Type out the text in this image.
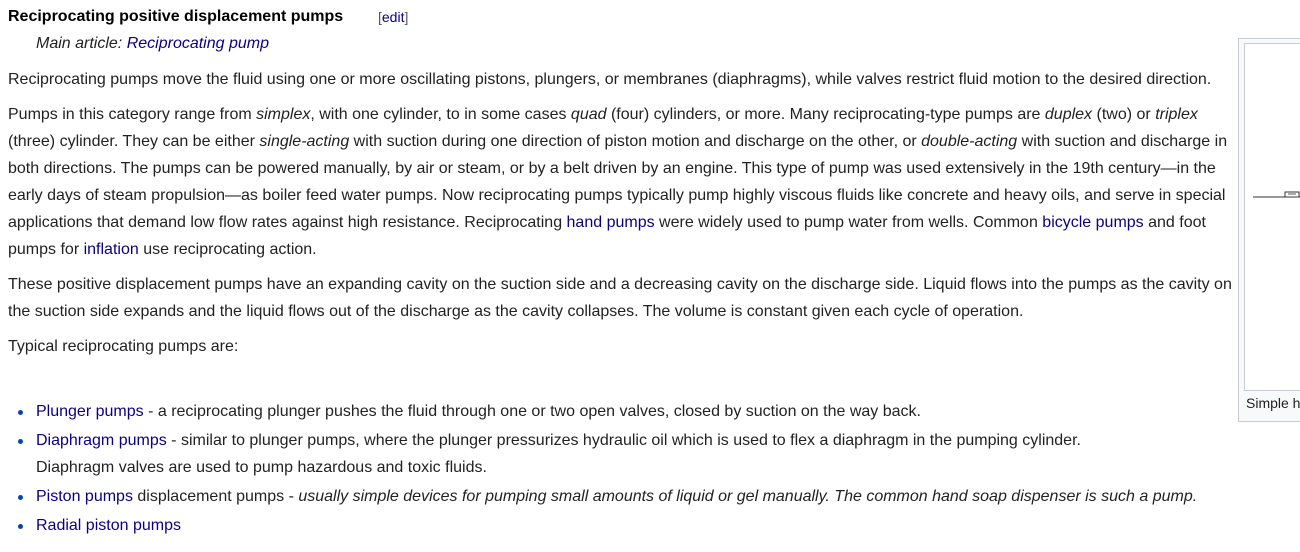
Reciprocating positive displacement pumps [edit]
Main article: Reciprocating pump

Reciprocating pumps move the fluid using one or more oscillating pistons, plungers, or membranes (diaphragms), while valves restrict fluid motion to the desired direction.

Pumps in this category range from simplex, with one cylinder, to in some cases quad (four) cylinders, or more. Many reciprocating-type pumps are duplex (two) or triplex (three) cylinder. They can be either single-acting with suction during one direction of piston motion and discharge on the other, or double-acting with suction and discharge in both directions. The pumps can be powered manually, by air or steam, or by a belt driven by an engine. This type of pump was used extensively in the 19th century—in the early days of steam propulsion—as boiler feed water pumps. Now reciprocating pumps typically pump highly viscous fluids like concrete and heavy oils, and serve in special applications that demand low flow rates against high resistance. Reciprocating hand pumps were widely used to pump water from wells. Common bicycle pumps and foot pumps for inflation use reciprocating action.

These positive displacement pumps have an expanding cavity on the suction side and a decreasing cavity on the discharge side. Liquid flows into the pumps as the cavity on the suction side expands and the liquid flows out of the discharge as the cavity collapses. The volume is constant given each cycle of operation.

Typical reciprocating pumps are:

Plunger pumps - a reciprocating plunger pushes the fluid through one or two open valves, closed by suction on the way back.
Diaphragm pumps - similar to plunger pumps, where the plunger pressurizes hydraulic oil which is used to flex a diaphragm in the pumping cylinder. Diaphragm valves are used to pump hazardous and toxic fluids.
Piston pumps displacement pumps - usually simple devices for pumping small amounts of liquid or gel manually. The common hand soap dispenser is such a pump.
Radial piston pumps
Simple h
